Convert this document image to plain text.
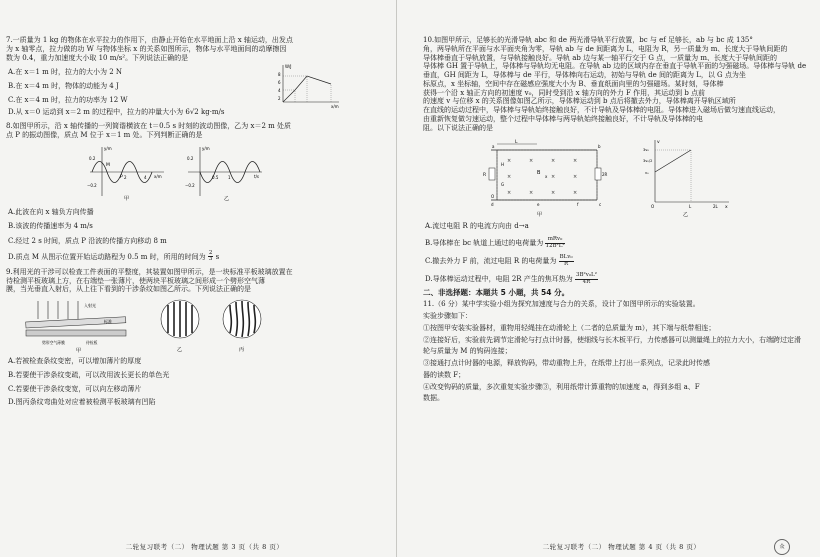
7.一质量为 1 kg 的物体在水平拉力的作用下，由静止开始在水平地面上沿 x 轴运动，出发点

为 x 轴零点，拉力做的功 W 与物体坐标 x 的关系如图所示，物体与水平地面间的动摩擦因

数为 0.4，重力加速度大小取 10 m/s²。下列说法正确的是

A.在 x＝1 m 时，拉力的大小为 2 N

B.在 x＝4 m 时，物体的动能为 4 J

C.在 x＝4 m 时，拉力的功率为 12 W

W/J
x/m
8
6
4
2

D.从 x＝0 运动到 x＝2 m 的过程中，拉力的冲量大小为 6√2 kg·m/s

8.如图甲所示，沿 x 轴传播的一列简谐横波在 t＝0.5 s 时刻的波动图像，乙为 x＝2 m 处质

点 P 的振动图像，质点 M 位于 x＝1 m 处。下列判断正确的是

y/m
x/m
0.2
−0.2
M
P 2	4
甲
y/m
t/s
0.2
−0.2
0.5 1
乙

A.此波在向 x 轴负方向传播

B.该波的传播速率为 4 m/s

C.经过 2 s 时间，质点 P 沿波的传播方向移动 8 m

D.质点 M 从图示位置开始运动路程为 0.5 m 时，所用的时间为 $\frac{2}{3}$ s

9.利用光的干涉可以检查工件表面的平整度，其装置如图甲所示，是一块标准平板玻璃放置在

待检测平板玻璃上方，在右端垫一张薄片，使两块平板玻璃之间形成一个劈形空气薄

膜，当光垂直入射后，从上往下看到的干涉条纹如图乙所示。下列说法正确的是

入射光
标准
劈形空气薄膜	待检板
甲	乙	丙

A.若被检查条纹变密，可以增加薄片的厚度

B.若要使干涉条纹变疏，可以改用波长更长的单色光

C.若要使干涉条纹变宽，可以向左移动薄片

D.图丙条纹弯曲处对应着被检测平板玻璃有凹陷

二轮复习联考（二） 物理试题 第 3 页（共 8 页）

10.如图甲所示，足够长的光滑导轨 abc 和 de 两光滑导轨平行放置，bc 与 ef 足够长，ab 与 bc 成 135°

角，两导轨所在平面与水平面夹角为零，导轨 ab 与 de 间距离为 L，电阻为 R，另一质量为 m、长度大于导轨间距的

导体棒垂直于导轨放置，与导轨接触良好。导轨 ab 边与某一轴平行交于 G 点，一质量为 m、长度大于导轨间距的

导体棒 GH 置于导轨上，导体棒与导轨均无电阻。在导轨 ab 边的区域内存在垂直于导轨平面的匀强磁场。导体棒与导轨 de

垂直，GH 间距为 L，导体棒与 de 平行，导体棒向右运动，初始与导轨 de 间的距离为 L，以 G 点为坐

标原点，x 坐标轴，空间中存在磁感应强度大小为 B、垂直纸面向里的匀强磁场。某时刻，导体棒

获得一个沿 x 轴正方向的初速度 v₀，同时受到沿 x 轴方向的外力 F 作用，其运动到 b 点前

的速度 v 与位移 x 的关系图像如图乙所示，导体棒运动到 b 点后将撤去外力，导体棒离开导轨区域所

在直线的运动过程中，导体棒与导轨始终接触良好，不计导轨及导体棒的电阻。导体棒进入磁场后做匀速直线运动，

由重新恢复做匀速运动，整个过程中导体棒与两导轨始终接触良好，不计导轨及导体棒的电

阻。以下说法正确的是

×	×	×	×
×	×	×
×	×	×	×
L
a	b
c
d	e	f
G
H
R	2R
B
x
O
甲
v
x
3v₀
3v₀/2
v₀
O	L	2L
乙

A.流过电阻 R 的电流方向由 d→a

B.导体棒在 bc 轨道上通过的电荷量为 $\frac{\text{mRv₀}}{\text{12B²L²}}$

C.撤去外力 F 前，流过电阻 R 的电荷量为 $\frac{\text{BLv₀}}{R}$

D.导体棒运动过程中，电阻 2R 产生的焦耳热为 $\frac{\text{3B²v₀L²}}{4R}$

二、非选择题：本题共 5 小题，共 54 分。

11.（6 分）某中学实验小组为探究加速度与合力的关系，设计了如图甲所示的实验装置。

实验步骤如下：

①按图甲安装实验器材，重物用轻绳挂在动滑轮上（二者的总质量为 m），其下端与纸带相连；

②连接好后，实验前先调节定滑轮与打点计时器，使细线与长木板平行，力传感器可以测量绳上的拉力大小，右端跨过定滑

轮与质量为 M 的钩码连接；

③接通打点计时器的电源，释放钩码，带动重物上升，在纸带上打出一系列点，记录此时传感

器的读数 F；

④改变钩码的质量，多次重复实验步骤③，利用纸带计算重物的加速度 a，得到多组 a、F

数据。

二轮复习联考（二） 物理试题 第 4 页（共 8 页）	众
